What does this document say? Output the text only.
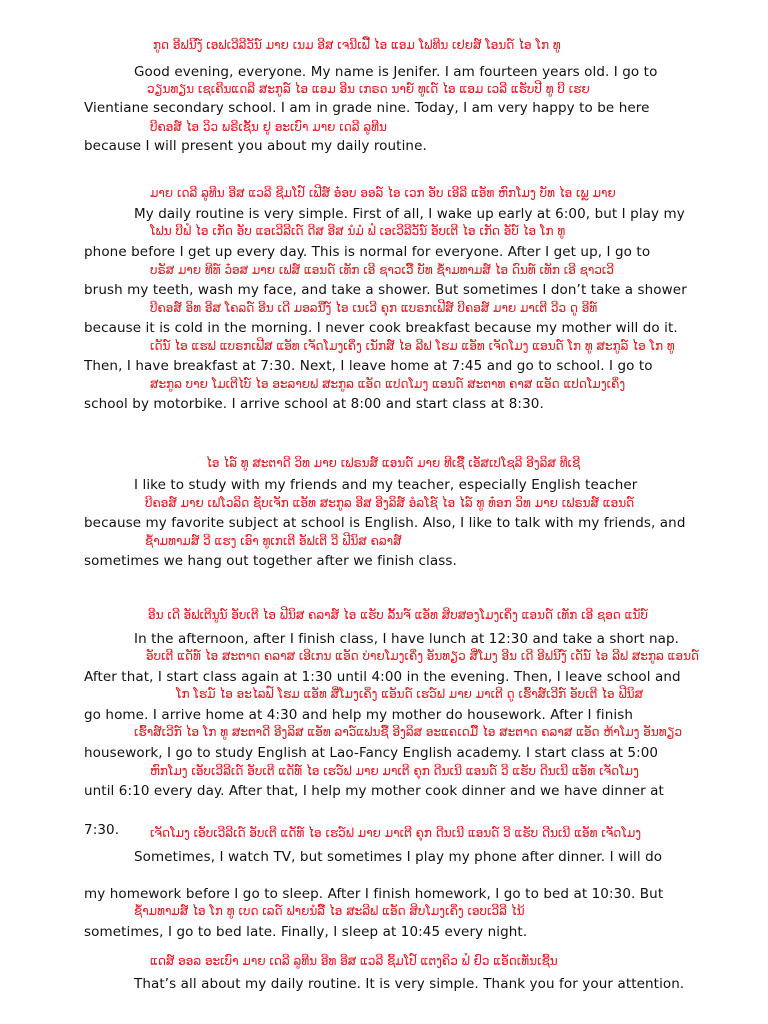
ກູດ ອີຟນິງ໌ ເອຟເວີລີວັນ໌ ມາຍ ເນມ ອີສ ເຈນີເຟີ໌ ໄອ ແອມ ໂຟທີນ ເຢຍສ໌ ໂອນດ໌ ໄອ ໂກ ທູ
Good evening, everyone. My name is Jenifer. I am fourteen years old. I go to
ວຽນທຽນ ເຊເຄີນແດລີ ສະກູລ໌ ໄອ ແອມ ອີນ ເກຣດ ນາຍ໌ ທູເດ໌ ໄອ ແອມ ເວລີ ແຮັບປີ ທູ ບີ ເຮຍ
Vientiane secondary school. I am in grade nine. Today, I am very happy to be here
ບີຄອສ໌ ໄອ ວິວ ພຣີເຊັ້ນ ຢູ ອະເບົາ ມາຍ ເດລີ ລູທີນ
because I will present you about my daily routine.
ມາຍ ເດລີ ລູທີນ ອີສ ແວລີ ຊີມໂປ໌ ເຟີສ໌ ອ໋ອບ ອອລ໌ ໄອ ເວກ ອັບ ເອີລີ ແອັທ ຫົກໂມງ ບັທ ໄອ ເພຼ ມາຍ
My daily routine is very simple. First of all, I wake up early at 6:00, but I play my
ໂຟນ ບີຟໍ ໄອ ເກັດ ອັບ ແອເວີລີເດ໌ ດີສ ອີສ ນໍມໍ ຟໍ ເອເວີລີວັນ໌ ອັບເຕີ ໄອ ເກັດ ອັບ໌ ໄອ ໂກ ທູ
phone before I get up every day. This is normal for everyone. After I get up, I go to
ບຣັສ ມາຍ ທີທ໌ ວ໋ອສ ມາຍ ເຟສ໌ ແອນດ໌ ເທັກ ເອີ ຊາວເວີ໌ ບັທ ຊໍ້າມທາມສ໌ ໄອ ດົນທ໌ ເທັກ ເອີ ຊາວເວີ
brush my teeth, wash my face, and take a shower. But sometimes I don’t take a shower
ບີຄອສ໌ ອິທ ອີສ ໂຄລດ໌ ອີນ ເດີ ມອລນີ່ງ໌ ໄອ ເນເວີ ຄຸກ ແບຣກເຟີສ໌ ບີຄອສ໌ ມາຍ ມາເຕີ ວີວ ດູ ອີທ໌
because it is cold in the morning. I never cook breakfast because my mother will do it.
ເດັນ໌ ໄອ ແຮຟ ແບຣກເຟີສ ແອັທ ເຈັດໂມງເຄິ່ງ ເນັກສ໌ ໄອ ລີຟ ໂຮມ ແອັທ ເຈັດໂມງ ແອນດ໌ ໂກ ທູ ສະກູລ໌ ໄອ ໂກ ທູ
Then, I have breakfast at 7:30. Next, I leave home at 7:45 and go to school. I go to
ສະກູລ ບາຍ ໂມເຕີໄບ໌ ໄອ ອະລາຍຟ ສະກູລ ແອັດ ແປດໂມງ ແອນດ໌ ສະຕາທ ຄາສ ແອັດ ແປດໂມງເຄິ່ງ
school by motorbike. I arrive school at 8:00 and start class at 8:30.
ໄອ ໄລ໌ ທູ ສະຕາດີ ວິທ ມາຍ ເຟຣນສ໌ ແອນດ໌ ມາຍ ທີເຊີ໌ ເອັສເປໂຊລີ ອີງລິສ ທີເຊີ
I like to study with my friends and my teacher, especially English teacher
ບີຄອສ໌ ມາຍ ເຟໂວລິດ ຊັບເຈັກ ແອັທ ສະກູລ ອີສ ອີງລິສ໌ ອໍລໂຊ໌ ໄອ ໄລ໌ ທູ ທ໋ອກ ວິທ ມາຍ ເຟຣນສ໌ ແອນດ໌
because my favorite subject at school is English. Also, I like to talk with my friends, and
ຊໍ້າມທາມສ໌ ວີ ແຮງ ເອົາ ທູເກເຕີ ອັຟເຕີ ວີ ຟີນິສ ຄລາສ໌
sometimes we hang out together after we finish class.
ອີນ ເດີ ອັຟເຕີນູນ໌ ອັບເຕີ ໄອ ຟີນິສ ຄລາສ໌ ໄອ ແຮັບ ລັ້ນຈ໌ ແອັທ ສິບສອງໂມງເຄິ່ງ ແອນດ໌ ເທັກ ເອີ ຊອດ ແນັບ໌
In the afternoon, after I finish class, I have lunch at 12:30 and take a short nap.
ອັບເຕີ ແດັທ໌ ໄອ ສະຕາດ ຄລາສ ເອີເກນ ແອັດ ບ່າຍໂມງເຄິ່ງ ອັນທຽວ ສີ່ໂມງ ອີນ ເດີ ອີຟນິງ໌ ເດັນ໌ ໄອ ລີຟ ສະກູລ ແອນດ໌
After that, I start class again at 1:30 until 4:00 in the evening. Then, I leave school and
ໂກ ໂຮມ໌ ໄອ ອະໄລຟ໌ ໂຮມ ແອັທ ສີ່ໂມງເຄິ່ງ ແອັນດ໌ ເຮວ໌ຟ ມາຍ ມາເຕີ ດູ ເຮົ້າສ໌ເວີກ໌ ອັບເຕີ ໄອ ຟີນິສ
go home. I arrive home at 4:30 and help my mother do housework. After I finish
ເຮົ້າສ໌ເວີກ໌ ໄອ ໂກ ທູ ສະຕາດີ ອີງລິສ ແອັທ ລາວ໌ແຟນຊີ໌ ອີງລິສ ອະແຄເດມີ໌ ໄອ ສະຕາດ ຄລາສ ແອັດ ຫ້າໂມງ ອັນທຽວ
housework, I go to study English at Lao-Fancy English academy. I start class at 5:00
ຫົກໂມງ ເອັບເວີລີເດ໌ ອັບເຕີ ແດັທ໌ ໄອ ເຮວ໌ຟ ມາຍ ມາເຕີ ຄຸກ ດີນເນີ ແອນດ໌ ວີ ແຮັບ ດີນເນີ ແອັທ ເຈັດໂມງ
until 6:10 every day. After that, I help my mother cook dinner and we have dinner at
7:30.	ເຈັດໂມງ ເອັບເວີລີເດ໌ ອັບເຕີ ແດັທ໌ ໄອ ເຮວ໌ຟ ມາຍ ມາເຕີ ຄຸກ ດີນເນີ ແອນດ໌ ວີ ແຮັບ ດີນເນີ ແອັທ ເຈັດໂມງ
Sometimes, I watch TV, but sometimes I play my phone after dinner. I will do
my homework before I go to sleep. After I finish homework, I go to bed at 10:30. But
ຊໍ້າມທາມສ໌ ໄອ ໂກ ທູ ເບດ ເລດ໌ ຟາຍນໍລີ໌ ໄອ ສະລີຟ ແອັດ ສິບໂມງເຄິ່ງ ເອບເວີລີ ໄນ້
sometimes, I go to bed late. Finally, I sleep at 10:45 every night.
ແດສ໌ ອອລ ອະເບົາ ມາຍ ເດລີ ລູທີນ ອີທ ອີສ ແວລີ ຊິ້ມໂປ໌ ແຕງຄິວ ຟໍ ຢົວ ແອັດເທັນເຊີ້ນ
That’s all about my daily routine. It is very simple. Thank you for your attention.
